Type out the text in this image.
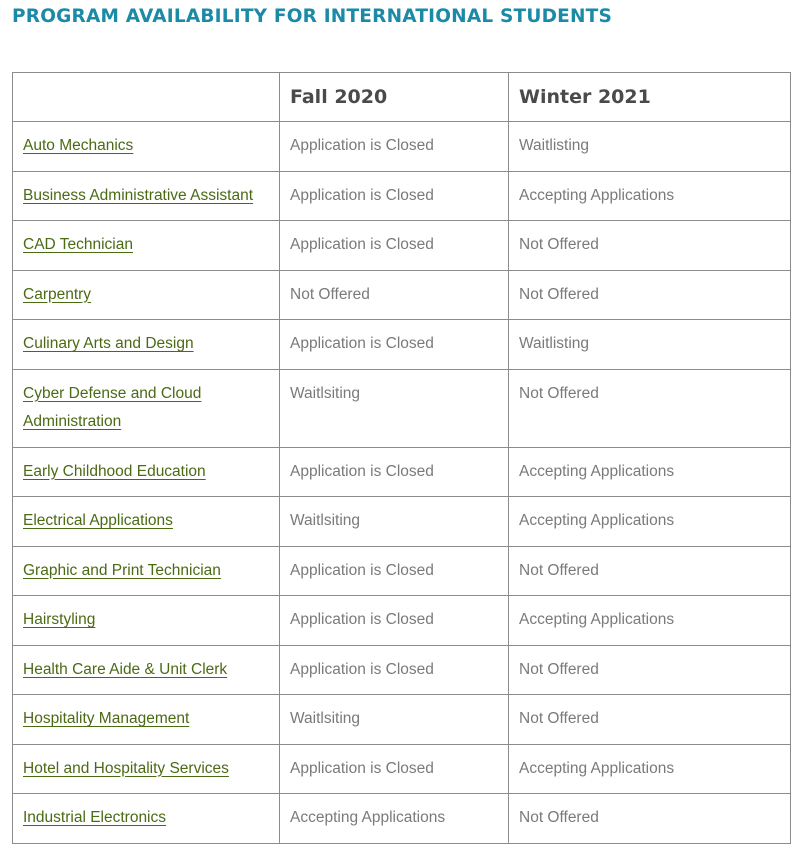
PROGRAM AVAILABILITY FOR INTERNATIONAL STUDENTS
	Fall 2020	Winter 2021
Auto Mechanics	Application is Closed	Waitlisting
Business Administrative Assistant	Application is Closed	Accepting Applications
CAD Technician	Application is Closed	Not Offered
Carpentry	Not Offered	Not Offered
Culinary Arts and Design	Application is Closed	Waitlisting
Cyber Defense and Cloud Administration	Waitlsiting	Not Offered
Early Childhood Education	Application is Closed	Accepting Applications
Electrical Applications	Waitlsiting	Accepting Applications
Graphic and Print Technician	Application is Closed	Not Offered
Hairstyling	Application is Closed	Accepting Applications
Health Care Aide & Unit Clerk	Application is Closed	Not Offered
Hospitality Management	Waitlsiting	Not Offered
Hotel and Hospitality Services	Application is Closed	Accepting Applications
Industrial Electronics	Accepting Applications	Not Offered
